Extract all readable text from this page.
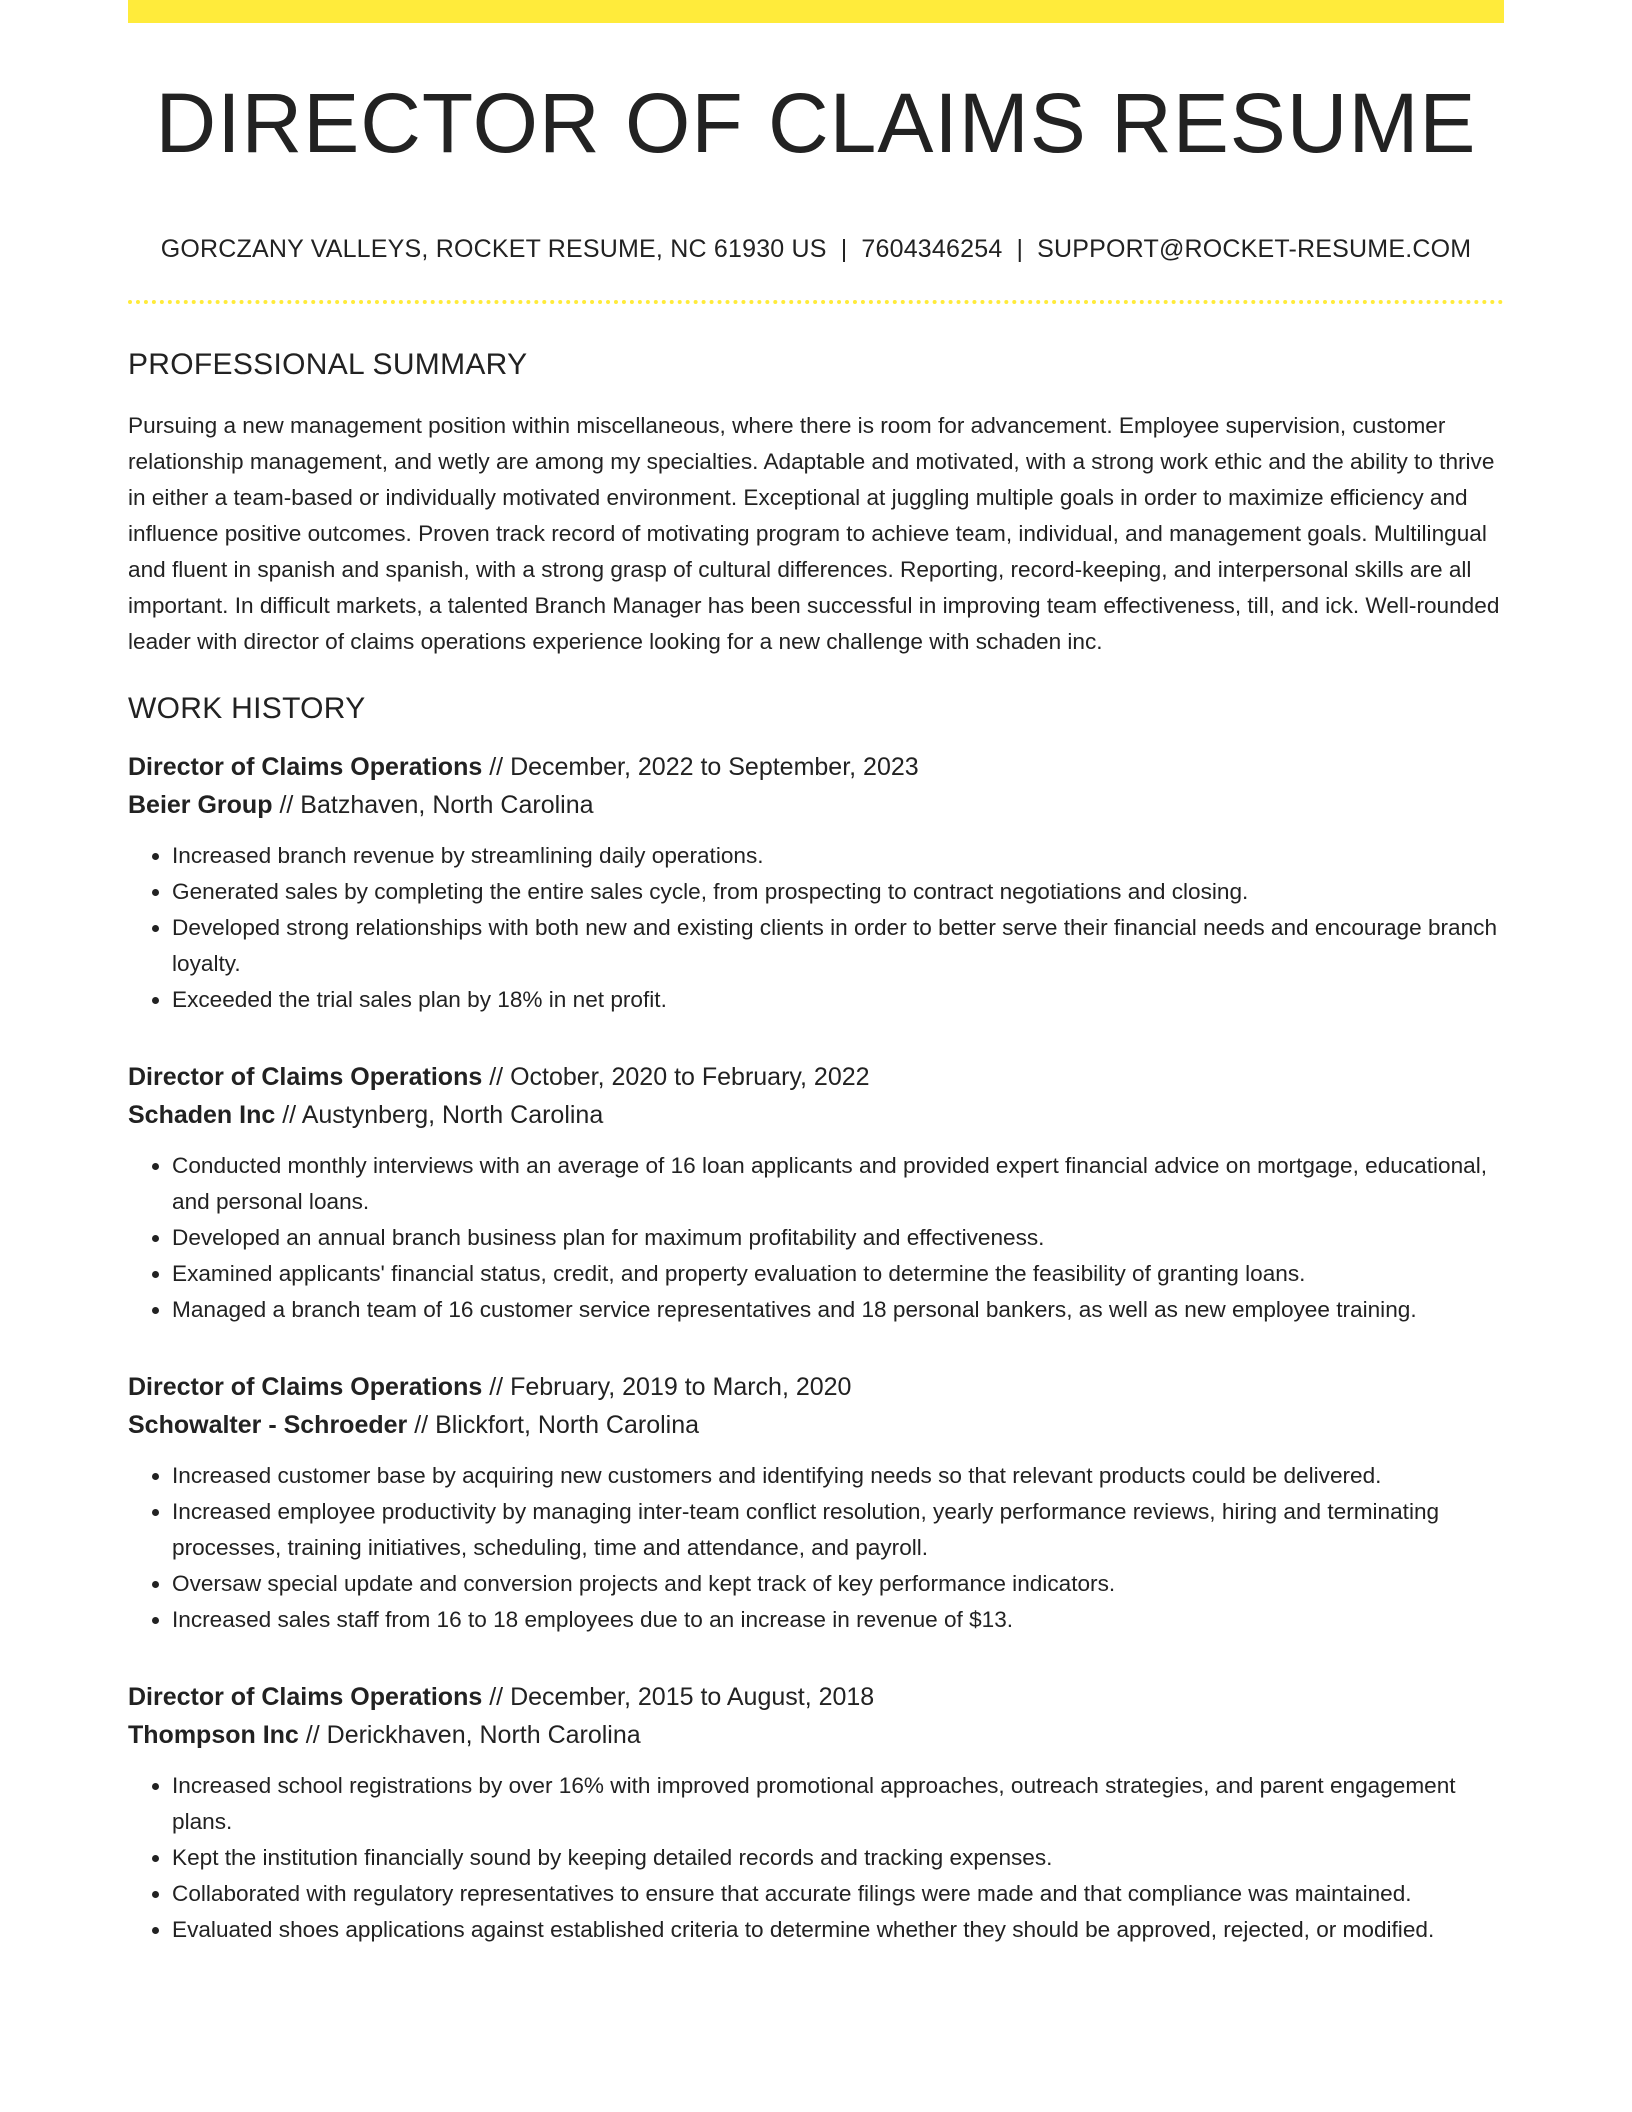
DIRECTOR OF CLAIMS RESUME
GORCZANY VALLEYS, ROCKET RESUME, NC 61930 US | 7604346254 | SUPPORT@ROCKET-RESUME.COM
PROFESSIONAL SUMMARY
Pursuing a new management position within miscellaneous, where there is room for advancement. Employee supervision, customer relationship management, and wetly are among my specialties. Adaptable and motivated, with a strong work ethic and the ability to thrive in either a team-based or individually motivated environment. Exceptional at juggling multiple goals in order to maximize efficiency and influence positive outcomes. Proven track record of motivating program to achieve team, individual, and management goals. Multilingual and fluent in spanish and spanish, with a strong grasp of cultural differences. Reporting, record-keeping, and interpersonal skills are all important. In difficult markets, a talented Branch Manager has been successful in improving team effectiveness, till, and ick. Well-rounded leader with director of claims operations experience looking for a new challenge with schaden inc.
WORK HISTORY
Director of Claims Operations // December, 2022 to September, 2023
Beier Group // Batzhaven, North Carolina
• Increased branch revenue by streamlining daily operations.
• Generated sales by completing the entire sales cycle, from prospecting to contract negotiations and closing.
• Developed strong relationships with both new and existing clients in order to better serve their financial needs and encourage branch loyalty.
• Exceeded the trial sales plan by 18% in net profit.
Director of Claims Operations // October, 2020 to February, 2022
Schaden Inc // Austynberg, North Carolina
• Conducted monthly interviews with an average of 16 loan applicants and provided expert financial advice on mortgage, educational, and personal loans.
• Developed an annual branch business plan for maximum profitability and effectiveness.
• Examined applicants' financial status, credit, and property evaluation to determine the feasibility of granting loans.
• Managed a branch team of 16 customer service representatives and 18 personal bankers, as well as new employee training.
Director of Claims Operations // February, 2019 to March, 2020
Schowalter - Schroeder // Blickfort, North Carolina
• Increased customer base by acquiring new customers and identifying needs so that relevant products could be delivered.
• Increased employee productivity by managing inter-team conflict resolution, yearly performance reviews, hiring and terminating processes, training initiatives, scheduling, time and attendance, and payroll.
• Oversaw special update and conversion projects and kept track of key performance indicators.
• Increased sales staff from 16 to 18 employees due to an increase in revenue of $13.
Director of Claims Operations // December, 2015 to August, 2018
Thompson Inc // Derickhaven, North Carolina
• Increased school registrations by over 16% with improved promotional approaches, outreach strategies, and parent engagement plans.
• Kept the institution financially sound by keeping detailed records and tracking expenses.
• Collaborated with regulatory representatives to ensure that accurate filings were made and that compliance was maintained.
• Evaluated shoes applications against established criteria to determine whether they should be approved, rejected, or modified.
